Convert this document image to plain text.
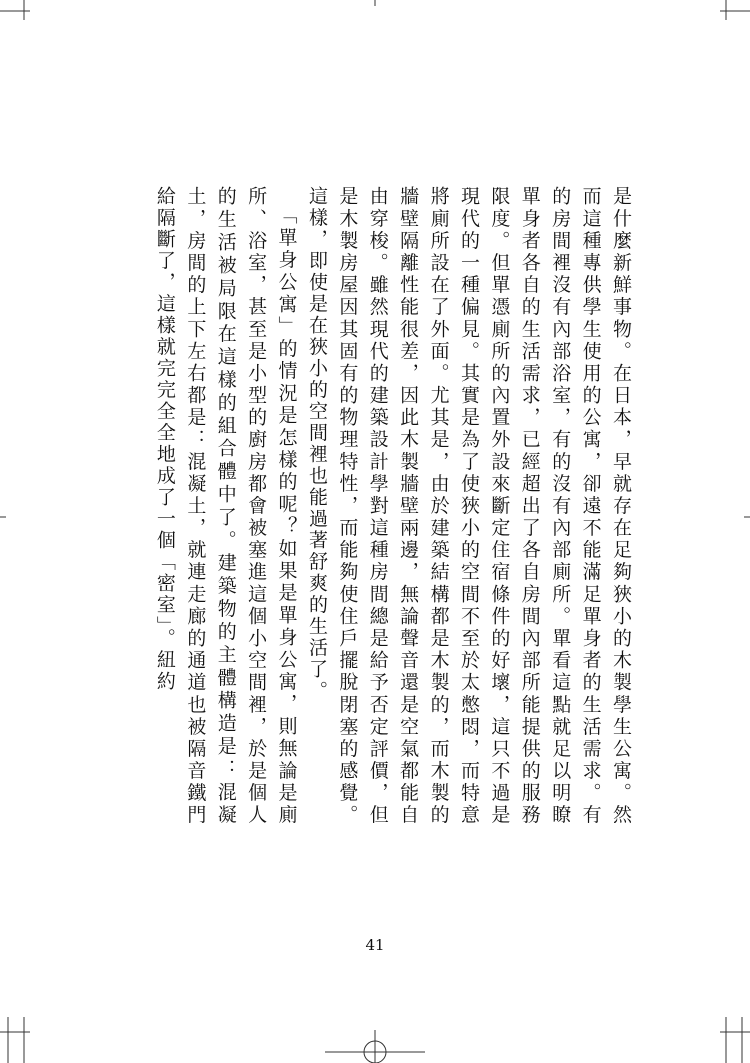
是什麼新鮮事物。在日本，早就存在足夠狹小的木製學生公寓。然而這種專供學生使用的公寓，卻遠不能滿足單身者的生活需求。有的房間裡沒有內部浴室，有的沒有內部廁所。單看這點就足以明瞭單身者各自的生活需求，已經超出了各自房間內部所能提供的服務限度。但單憑廁所的內置外設來斷定住宿條件的好壞，這只不過是現代的一種偏見。其實是為了使狹小的空間不至於太憋悶，而特意將廁所設在了外面。尤其是，由於建築結構都是木製的，而木製的牆壁隔離性能很差，因此木製牆壁兩邊，無論聲音還是空氣都能自由穿梭。雖然現代的建築設計學對這種房間總是給予否定評價，但是木製房屋因其固有的物理特性，而能夠使住戶擺脫閉塞的感覺。這樣，即使是在狹小的空間裡也能過著舒爽的生活了。

「單身公寓」的情況是怎樣的呢？如果是單身公寓，則無論是廁所、浴室，甚至是小型的廚房都會被塞進這個小空間裡，於是個人的生活被局限在這樣的組合體中了。建築物的主體構造是：混凝土，房間的上下左右都是：混凝土，就連走廊的通道也被隔音鐵門給隔斷了，這樣就完完全全地成了一個「密室」。紐約

41
